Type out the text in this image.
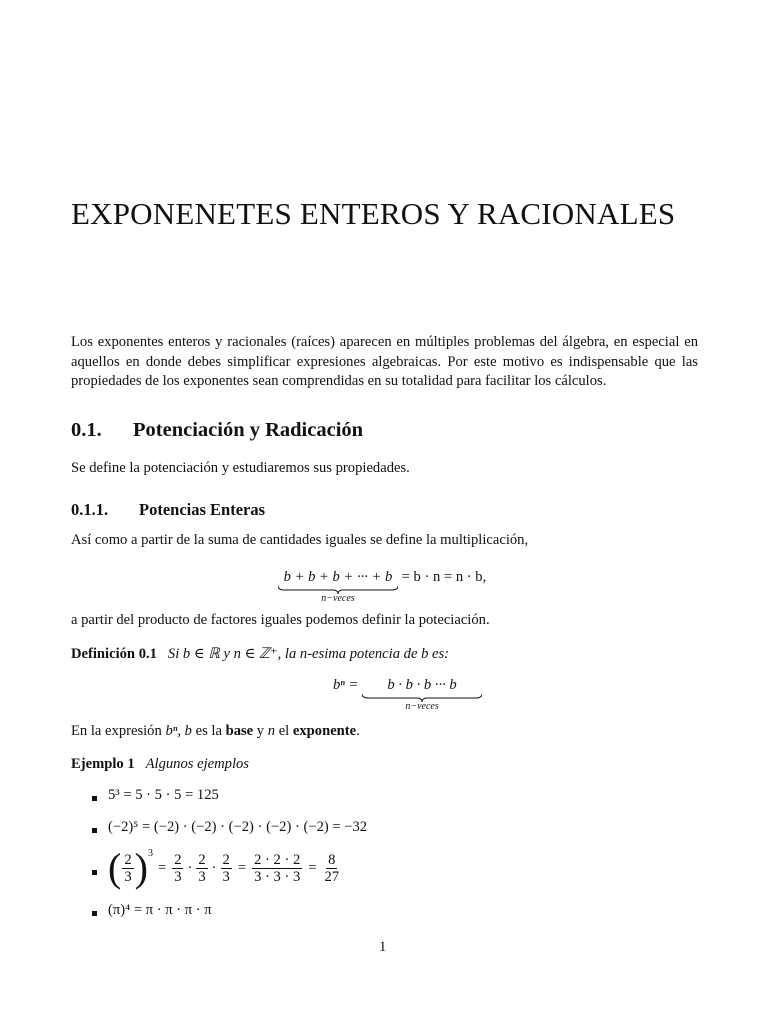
EXPONENETES ENTEROS Y RACIONALES
Los exponentes enteros y racionales (raíces) aparecen en múltiples problemas del álgebra, en especial en aquellos en donde debes simplificar expresiones algebraicas. Por este motivo es indispensable que las propiedades de los exponentes sean comprendidas en su totalidad para facilitar los cálculos.
0.1. Potenciación y Radicación
Se define la potenciación y estudiaremos sus propiedades.
0.1.1. Potencias Enteras
Así como a partir de la suma de cantidades iguales se define la multiplicación,
b + b + b + ··· + b
n−veces
= b · n = n · b,
a partir del producto de factores iguales podemos definir la poteciación.
Definición 0.1 Si b ∈ ℝ y n ∈ ℤ⁺, la n-esima potencia de b es:
bⁿ = b · b · b ··· b
n−veces
En la expresión bⁿ, b es la base y n el exponente.
Ejemplo 1 Algunos ejemplos
5³ = 5 · 5 · 5 = 125
(−2)⁵ = (−2) · (−2) · (−2) · (−2) · (−2) = −32
( $\frac{2}{3} )^3$
= $\frac{2}{3} \cdot \frac{2}{3} \cdot \frac{2}{3} = \frac{2 \cdot 2 \cdot 2}{3 \cdot 3 \cdot 3} = \frac{8}{27}$
(π)⁴ = π · π · π · π
1
